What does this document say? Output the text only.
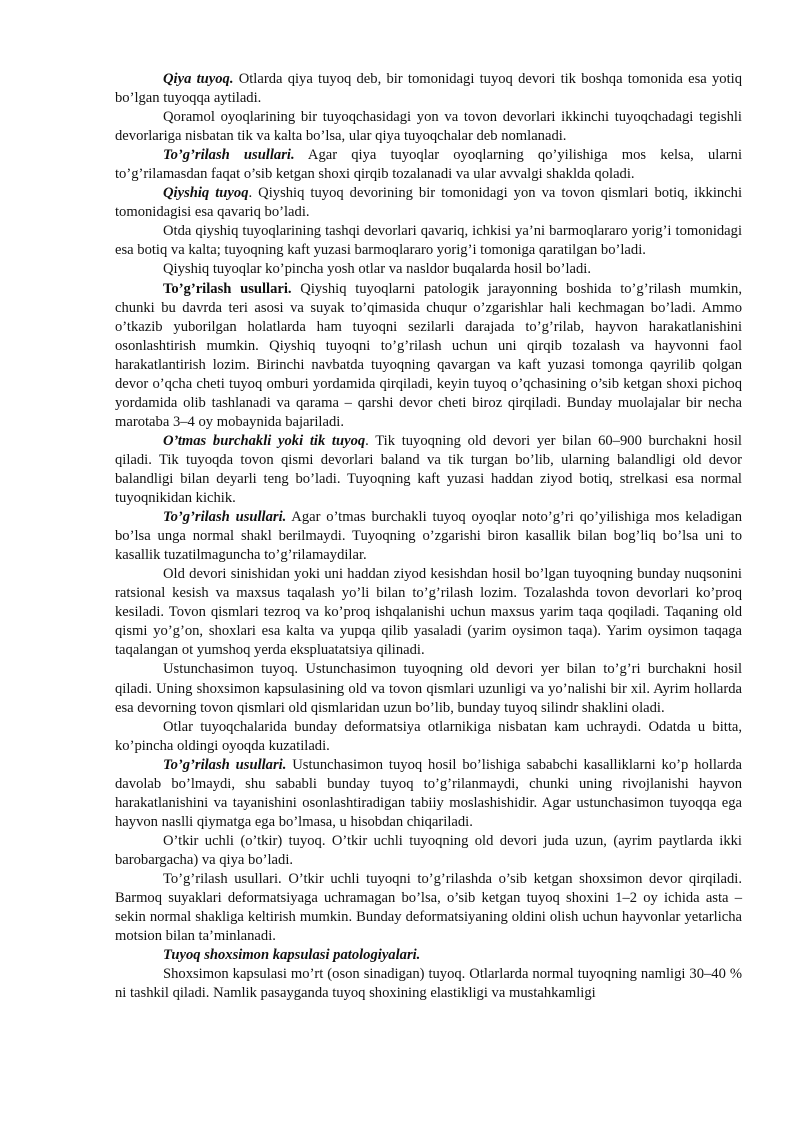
Qiya tuyoq. Otlarda qiya tuyoq deb, bir tomonidagi tuyoq devori tik boshqa tomonida esa yotiq bo’lgan tuyoqqa aytiladi.

Qoramol oyoqlarining bir tuyoqchasidagi yon va tovon devorlari ikkinchi tuyoqchadagi tegishli devorlariga nisbatan tik va kalta bo’lsa, ular qiya tuyoqchalar deb nomlanadi.

To’g’rilash usullari. Agar qiya tuyoqlar oyoqlarning qo’yilishiga mos kelsa, ularni to’g’rilamasdan faqat o’sib ketgan shoxi qirqib tozalanadi va ular avvalgi shaklda qoladi.

Qiyshiq tuyoq. Qiyshiq tuyoq devorining bir tomonidagi yon va tovon qismlari botiq, ikkinchi tomonidagisi esa qavariq bo’ladi.

Otda qiyshiq tuyoqlarining tashqi devorlari qavariq, ichkisi ya’ni barmoqlararo yorig’i tomonidagi esa botiq va kalta; tuyoqning kaft yuzasi barmoqlararo yorig’i tomoniga qaratilgan bo’ladi.

Qiyshiq tuyoqlar ko’pincha yosh otlar va nasldor buqalarda hosil bo’ladi.

To’g’rilash usullari. Qiyshiq tuyoqlarni patologik jarayonning boshida to’g’rilash mumkin, chunki bu davrda teri asosi va suyak to’qimasida chuqur o’zgarishlar hali kechmagan bo’ladi. Ammo o’tkazib yuborilgan holatlarda ham tuyoqni sezilarli darajada to’g’rilab, hayvon harakatlanishini osonlashtirish mumkin. Qiyshiq tuyoqni to’g’rilash uchun uni qirqib tozalash va hayvonni faol harakatlantirish lozim. Birinchi navbatda tuyoqning qavargan va kaft yuzasi tomonga qayrilib qolgan devor o’qcha cheti tuyoq omburi yordamida qirqiladi, keyin tuyoq o’qchasining o’sib ketgan shoxi pichoq yordamida olib tashlanadi va qarama – qarshi devor cheti biroz qirqiladi. Bunday muolajalar bir necha marotaba 3–4 oy mobaynida bajariladi.

O’tmas burchakli yoki tik tuyoq. Tik tuyoqning old devori yer bilan 60–900 burchakni hosil qiladi. Tik tuyoqda tovon qismi devorlari baland va tik turgan bo’lib, ularning balandligi old devor balandligi bilan deyarli teng bo’ladi. Tuyoqning kaft yuzasi haddan ziyod botiq, strelkasi esa normal tuyoqnikidan kichik.

To’g’rilash usullari. Agar o’tmas burchakli tuyoq oyoqlar noto’g’ri qo’yilishiga mos keladigan bo’lsa unga normal shakl berilmaydi. Tuyoqning o’zgarishi biron kasallik bilan bog’liq bo’lsa uni to kasallik tuzatilmaguncha to’g’rilamaydilar.

Old devori sinishidan yoki uni haddan ziyod kesishdan hosil bo’lgan tuyoqning bunday nuqsonini ratsional kesish va maxsus taqalash yo’li bilan to’g’rilash lozim. Tozalashda tovon devorlari ko’proq kesiladi. Tovon qismlari tezroq va ko’proq ishqalanishi uchun maxsus yarim taqa qoqiladi. Taqaning old qismi yo’g’on, shoxlari esa kalta va yupqa qilib yasaladi (yarim oysimon taqa). Yarim oysimon taqaga taqalangan ot yumshoq yerda ekspluatatsiya qilinadi.

Ustunchasimon tuyoq. Ustunchasimon tuyoqning old devori yer bilan to’g’ri burchakni hosil qiladi. Uning shoxsimon kapsulasining old va tovon qismlari uzunligi va yo’nalishi bir xil. Ayrim hollarda esa devorning tovon qismlari old qismlaridan uzun bo’lib, bunday tuyoq silindr shaklini oladi.

Otlar tuyoqchalarida bunday deformatsiya otlarnikiga nisbatan kam uchraydi. Odatda u bitta, ko’pincha oldingi oyoqda kuzatiladi.

To’g’rilash usullari. Ustunchasimon tuyoq hosil bo’lishiga sababchi kasalliklarni ko’p hollarda davolab bo’lmaydi, shu sababli bunday tuyoq to’g’rilanmaydi, chunki uning rivojlanishi hayvon harakatlanishini va tayanishini osonlashtiradigan tabiiy moslashishidir. Agar ustunchasimon tuyoqqa ega hayvon naslli qiymatga ega bo’lmasa, u hisobdan chiqariladi.

O’tkir uchli (o’tkir) tuyoq. O’tkir uchli tuyoqning old devori juda uzun, (ayrim paytlarda ikki barobargacha) va qiya bo’ladi.

To’g’rilash usullari. O’tkir uchli tuyoqni to’g’rilashda o’sib ketgan shoxsimon devor qirqiladi. Barmoq suyaklari deformatsiyaga uchramagan bo’lsa, o’sib ketgan tuyoq shoxini 1–2 oy ichida asta – sekin normal shakliga keltirish mumkin. Bunday deformatsiyaning oldini olish uchun hayvonlar yetarlicha motsion bilan ta’minlanadi.

Tuyoq shoxsimon kapsulasi patologiyalari.

Shoxsimon kapsulasi mo’rt (oson sinadigan) tuyoq. Otlarlarda normal tuyoqning namligi 30–40 % ni tashkil qiladi. Namlik pasayganda tuyoq shoxining elastikligi va mustahkamligi
